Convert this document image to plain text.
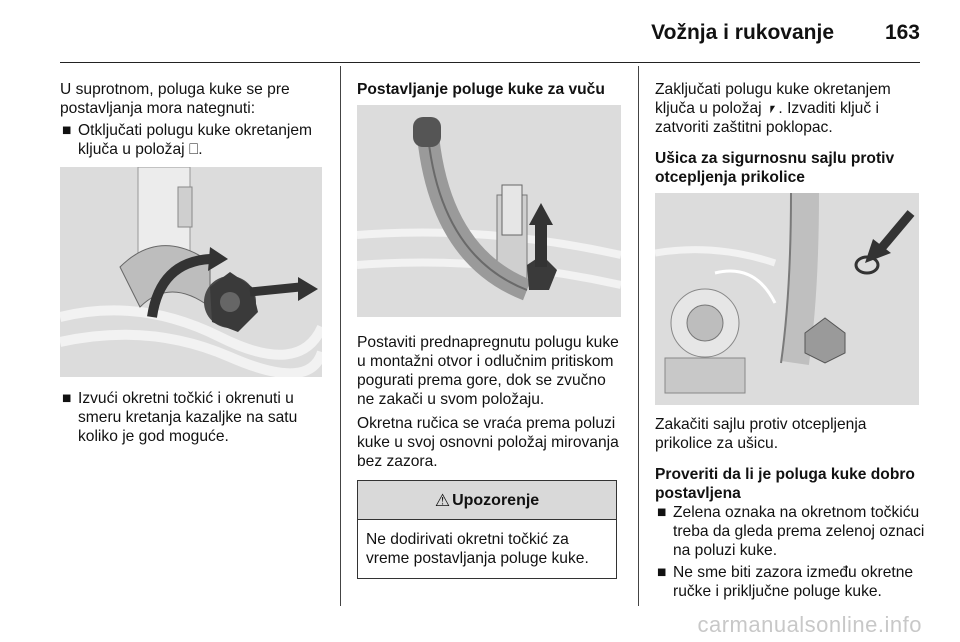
Vožnja i rukovanje 163

U suprotnom, poluga kuke se pre postavljanja mora nategnuti:

■ Otključati polugu kuke okretanjem ključa u položaj ⎕.

■ Izvući okretni točkić i okrenuti u smeru kretanja kazaljke na satu koliko je god moguće.

Postavljanje poluge kuke za vuču

Postaviti prednapregnutu polugu kuke u montažni otvor i odlučnim pritiskom pogurati prema gore, dok se zvučno ne zakači u svom položaju.

Okretna ručica se vraća prema poluzi kuke u svoj osnovni položaj mirovanja bez zazora.

⚠ Upozorenje
Ne dodirivati okretni točkić za vreme postavljanja poluge kuke.

Zaključati polugu kuke okretanjem ključa u položaj ⎖. Izvaditi ključ i zatvoriti zaštitni poklopac.

Ušica za sigurnosnu sajlu protiv otcepljenja prikolice

Zakačiti sajlu protiv otcepljenja prikolice za ušicu.

Proveriti da li je poluga kuke dobro postavljena

■ Zelena oznaka na okretnom točkiću treba da gleda prema zelenoj oznaci na poluzi kuke.

■ Ne sme biti zazora između okretne ručke i priključne poluge kuke.

carmanualsonline.info
